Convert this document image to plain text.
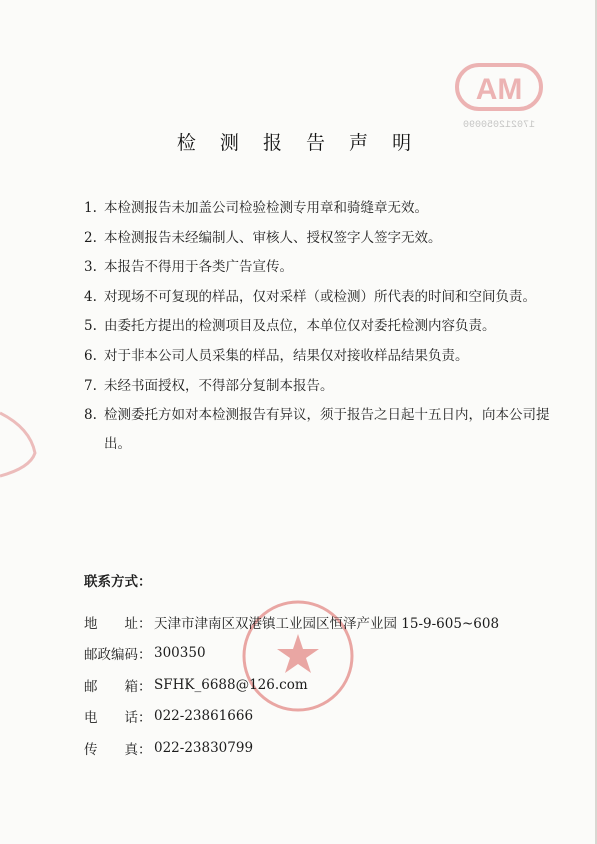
MA
170212050090
检 测 报 告 声 明
1. 本检测报告未加盖公司检验检测专用章和骑缝章无效。
2. 本检测报告未经编制人、审核人、授权签字人签字无效。
3. 本报告不得用于各类广告宣传。
4. 对现场不可复现的样品，仅对采样（或检测）所代表的时间和空间负责。
5. 由委托方提出的检测项目及点位，本单位仅对委托检测内容负责。
6. 对于非本公司人员采集的样品，结果仅对接收样品结果负责。
7. 未经书面授权，不得部分复制本报告。
8. 检测委托方如对本检测报告有异议，须于报告之日起十五日内，向本公司提出。
联系方式：
地　　址： 天津市津南区双港镇工业园区恒泽产业园 15-9-605~608
邮政编码： 300350
邮　　箱： SFHK_6688@126.com
电　　话： 022-23861666
传　　真： 022-23830799
